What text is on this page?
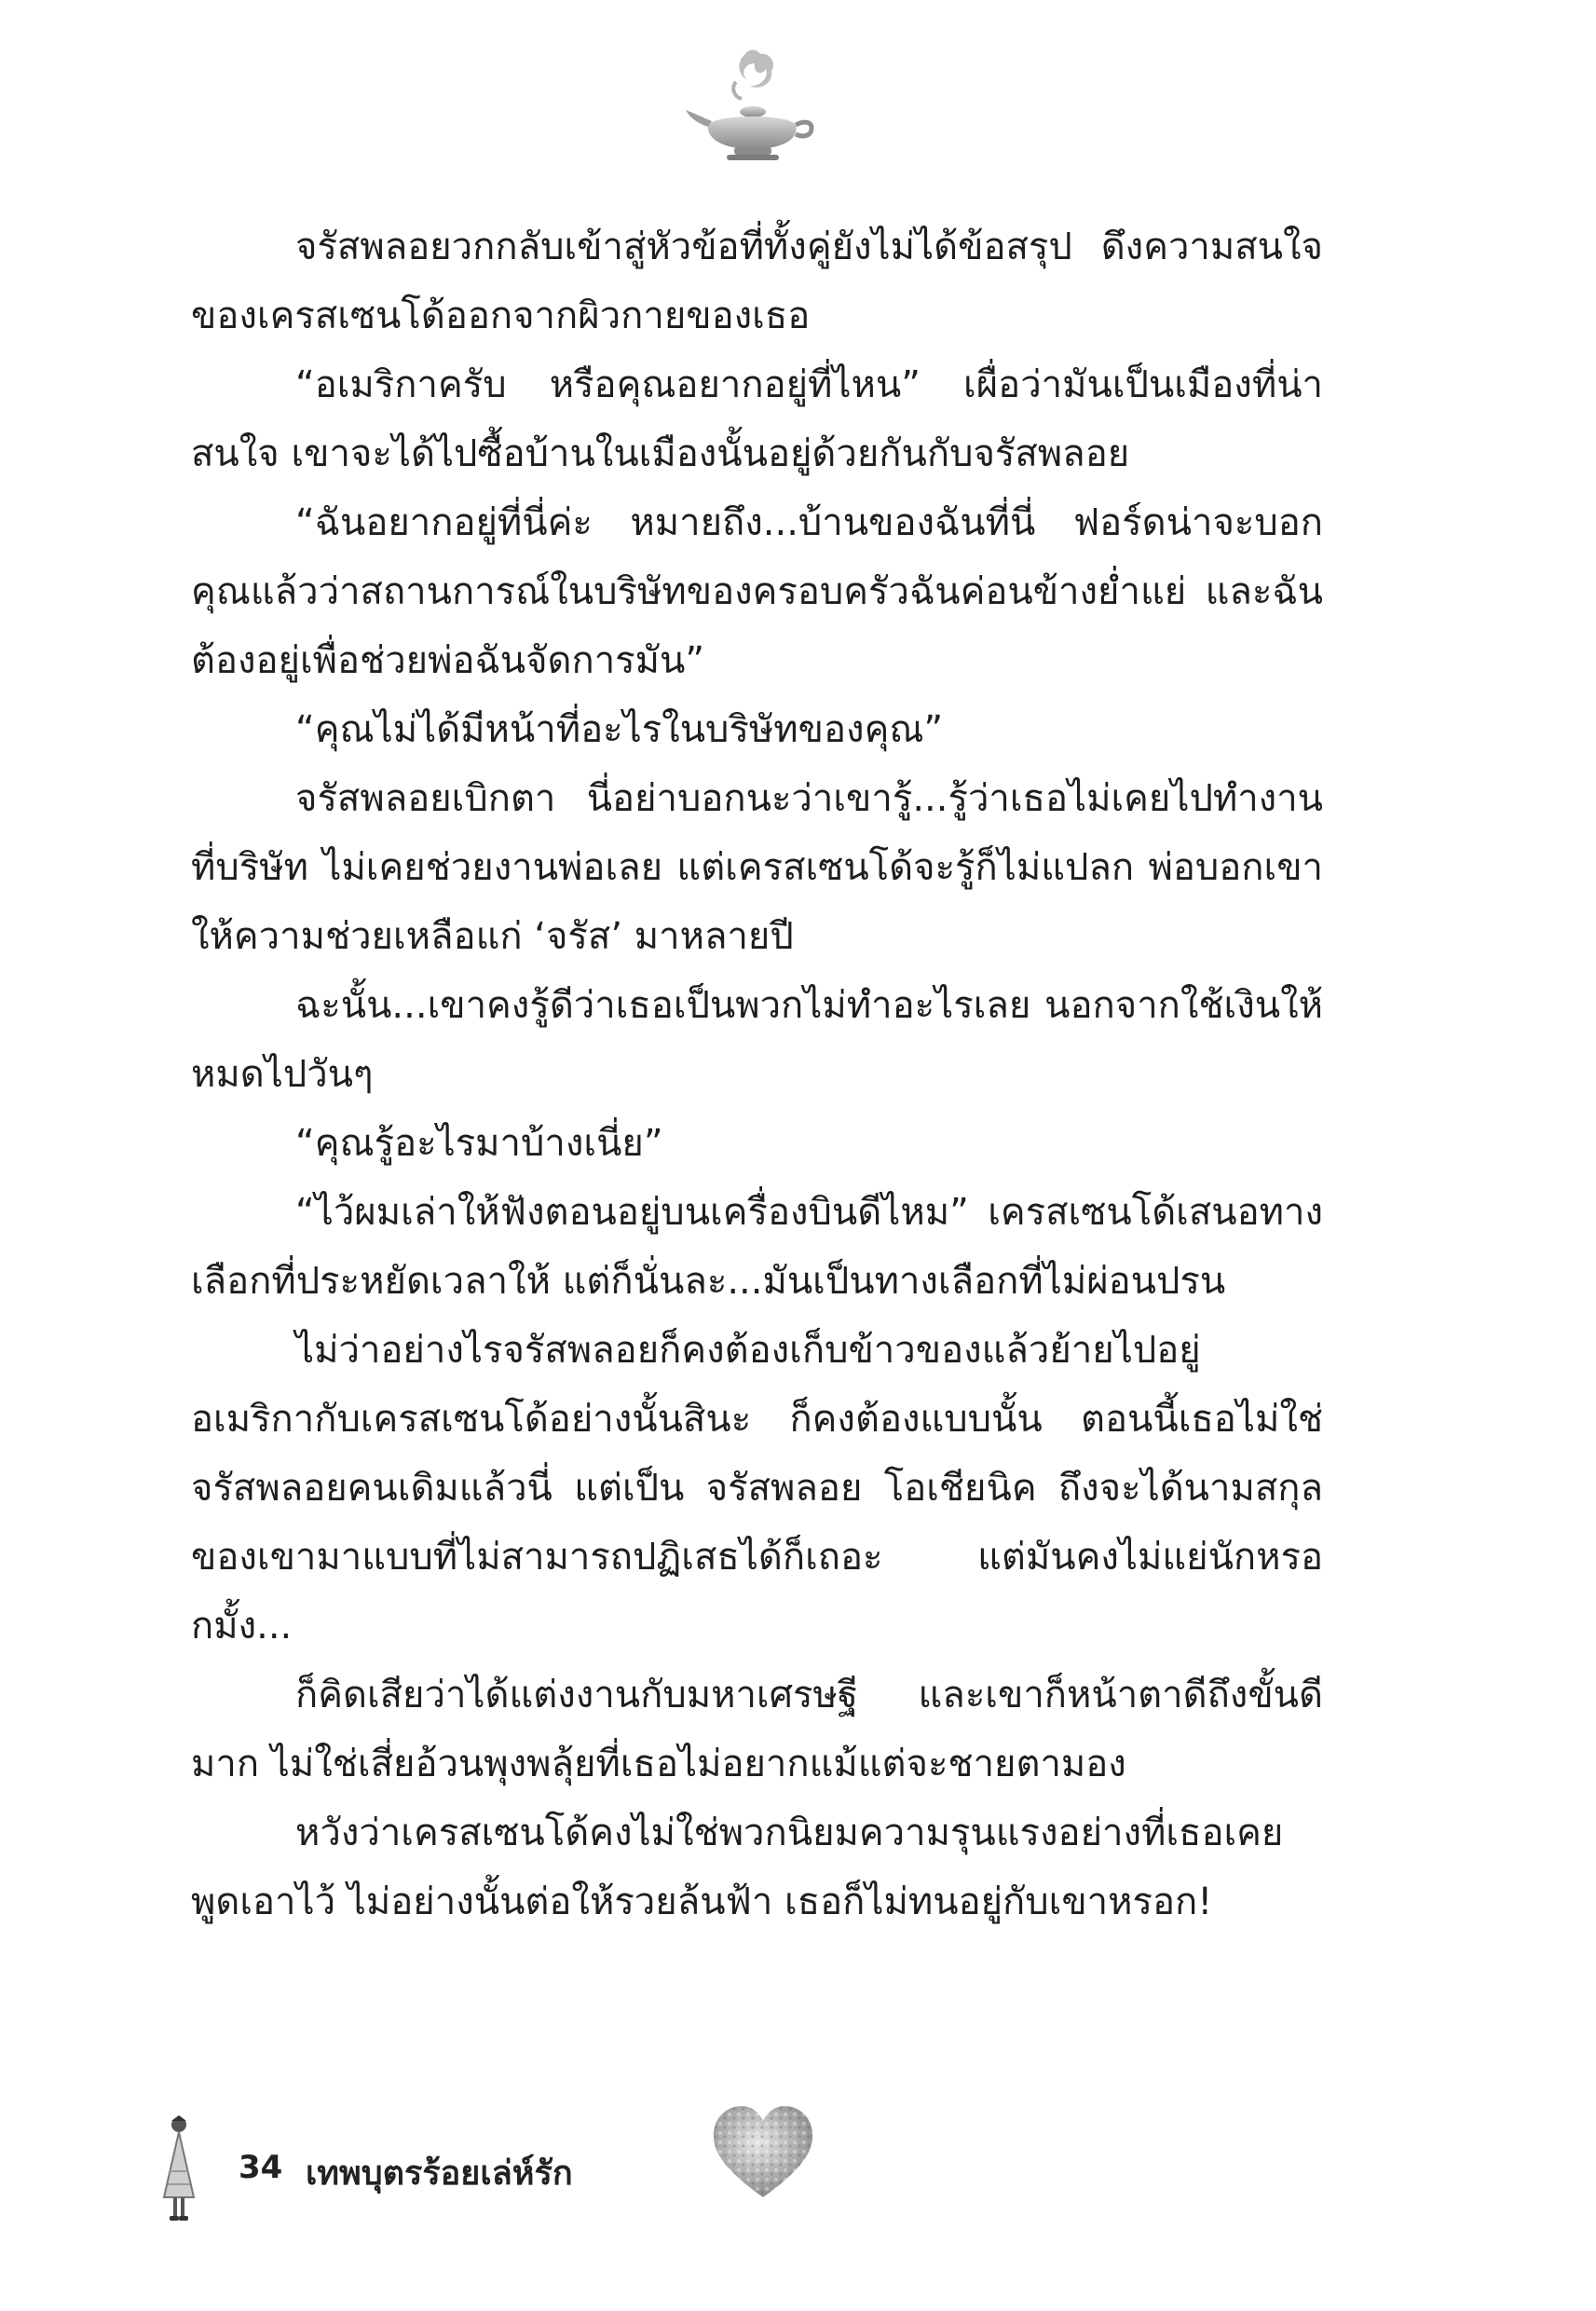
จรัสพลอยวกกลับเข้าสู่หัวข้อที่ทั้งคู่ยังไม่ได้ข้อสรุป ดึงความสนใจของเครสเซนโด้ออกจากผิวกายของเธอ

“อเมริกาครับ หรือคุณอยากอยู่ที่ไหน” เผื่อว่ามันเป็นเมืองที่น่าสนใจ เขาจะได้ไปซื้อบ้านในเมืองนั้นอยู่ด้วยกันกับจรัสพลอย

“ฉันอยากอยู่ที่นี่ค่ะ หมายถึง...บ้านของฉันที่นี่ ฟอร์ดน่าจะบอกคุณแล้วว่าสถานการณ์ในบริษัทของครอบครัวฉันค่อนข้างย่ำแย่ และฉันต้องอยู่เพื่อช่วยพ่อฉันจัดการมัน”

“คุณไม่ได้มีหน้าที่อะไรในบริษัทของคุณ”

จรัสพลอยเบิกตา นี่อย่าบอกนะว่าเขารู้...รู้ว่าเธอไม่เคยไปทำงานที่บริษัท ไม่เคยช่วยงานพ่อเลย แต่เครสเซนโด้จะรู้ก็ไม่แปลก พ่อบอกเขาให้ความช่วยเหลือแก่ ‘จรัส’ มาหลายปี

ฉะนั้น...เขาคงรู้ดีว่าเธอเป็นพวกไม่ทำอะไรเลย นอกจากใช้เงินให้หมดไปวันๆ

“คุณรู้อะไรมาบ้างเนี่ย”

“ไว้ผมเล่าให้ฟังตอนอยู่บนเครื่องบินดีไหม” เครสเซนโด้เสนอทางเลือกที่ประหยัดเวลาให้ แต่ก็นั่นละ...มันเป็นทางเลือกที่ไม่ผ่อนปรน

ไม่ว่าอย่างไรจรัสพลอยก็คงต้องเก็บข้าวของแล้วย้ายไปอยู่อเมริกากับเครสเซนโด้อย่างนั้นสินะ ก็คงต้องแบบนั้น ตอนนี้เธอไม่ใช่จรัสพลอยคนเดิมแล้วนี่ แต่เป็น จรัสพลอย โอเชียนิค ถึงจะได้นามสกุลของเขามาแบบที่ไม่สามารถปฏิเสธได้ก็เถอะ แต่มันคงไม่แย่นักหรอกมั้ง...

ก็คิดเสียว่าได้แต่งงานกับมหาเศรษฐี และเขาก็หน้าตาดีถึงขั้นดีมาก ไม่ใช่เสี่ยอ้วนพุงพลุ้ยที่เธอไม่อยากแม้แต่จะชายตามอง

หวังว่าเครสเซนโด้คงไม่ใช่พวกนิยมความรุนแรงอย่างที่เธอเคยพูดเอาไว้ ไม่อย่างนั้นต่อให้รวยล้นฟ้า เธอก็ไม่ทนอยู่กับเขาหรอก!

34 เทพบุตรร้อยเล่ห์รัก
